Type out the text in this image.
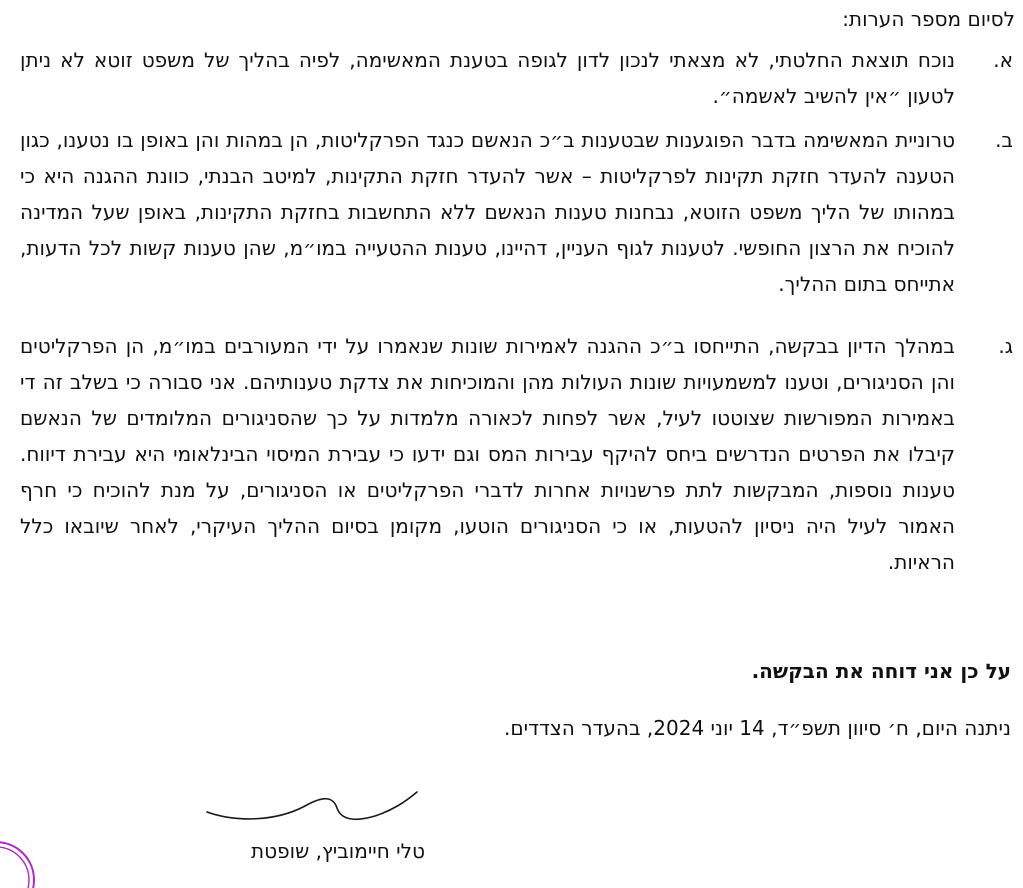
לסיום מספר הערות:

א.

נוכח תוצאת החלטתי, לא מצאתי לנכון לדון לגופה בטענת המאשימה, לפיה בהליך של משפט זוטא לא ניתן לטעון ״אין להשיב לאשמה״.

ב.

טרוניית המאשימה בדבר הפוגענות שבטענות ב״כ הנאשם כנגד הפרקליטות, הן במהות והן באופן בו נטענו, כגון הטענה להעדר חזקת תקינות לפרקליטות – אשר להעדר חזקת התקינות, למיטב הבנתי, כוונת ההגנה היא כי במהותו של הליך משפט הזוטא, נבחנות טענות הנאשם ללא התחשבות בחזקת התקינות, באופן שעל המדינה להוכיח את הרצון החופשי. לטענות לגוף העניין, דהיינו, טענות ההטעייה במו״מ, שהן טענות קשות לכל הדעות, אתייחס בתום ההליך.

ג.

במהלך הדיון בבקשה, התייחסו ב״כ ההגנה לאמירות שונות שנאמרו על ידי המעורבים במו״מ, הן הפרקליטים והן הסניגורים, וטענו למשמעויות שונות העולות מהן והמוכיחות את צדקת טענותיהם. אני סבורה כי בשלב זה די באמירות המפורשות שצוטטו לעיל, אשר לפחות לכאורה מלמדות על כך שהסניגורים המלומדים של הנאשם קיבלו את הפרטים הנדרשים ביחס להיקף עבירות המס וגם ידעו כי עבירת המיסוי הבינלאומי היא עבירת דיווח. טענות נוספות, המבקשות לתת פרשנויות אחרות לדברי הפרקליטים או הסניגורים, על מנת להוכיח כי חרף האמור לעיל היה ניסיון להטעות, או כי הסניגורים הוטעו, מקומן בסיום ההליך העיקרי, לאחר שיובאו כלל הראיות.

על כן אני דוחה את הבקשה.

ניתנה היום, ח׳ סיוון תשפ״ד, 14 יוני 2024, בהעדר הצדדים.

טלי חיימוביץ, שופטת
